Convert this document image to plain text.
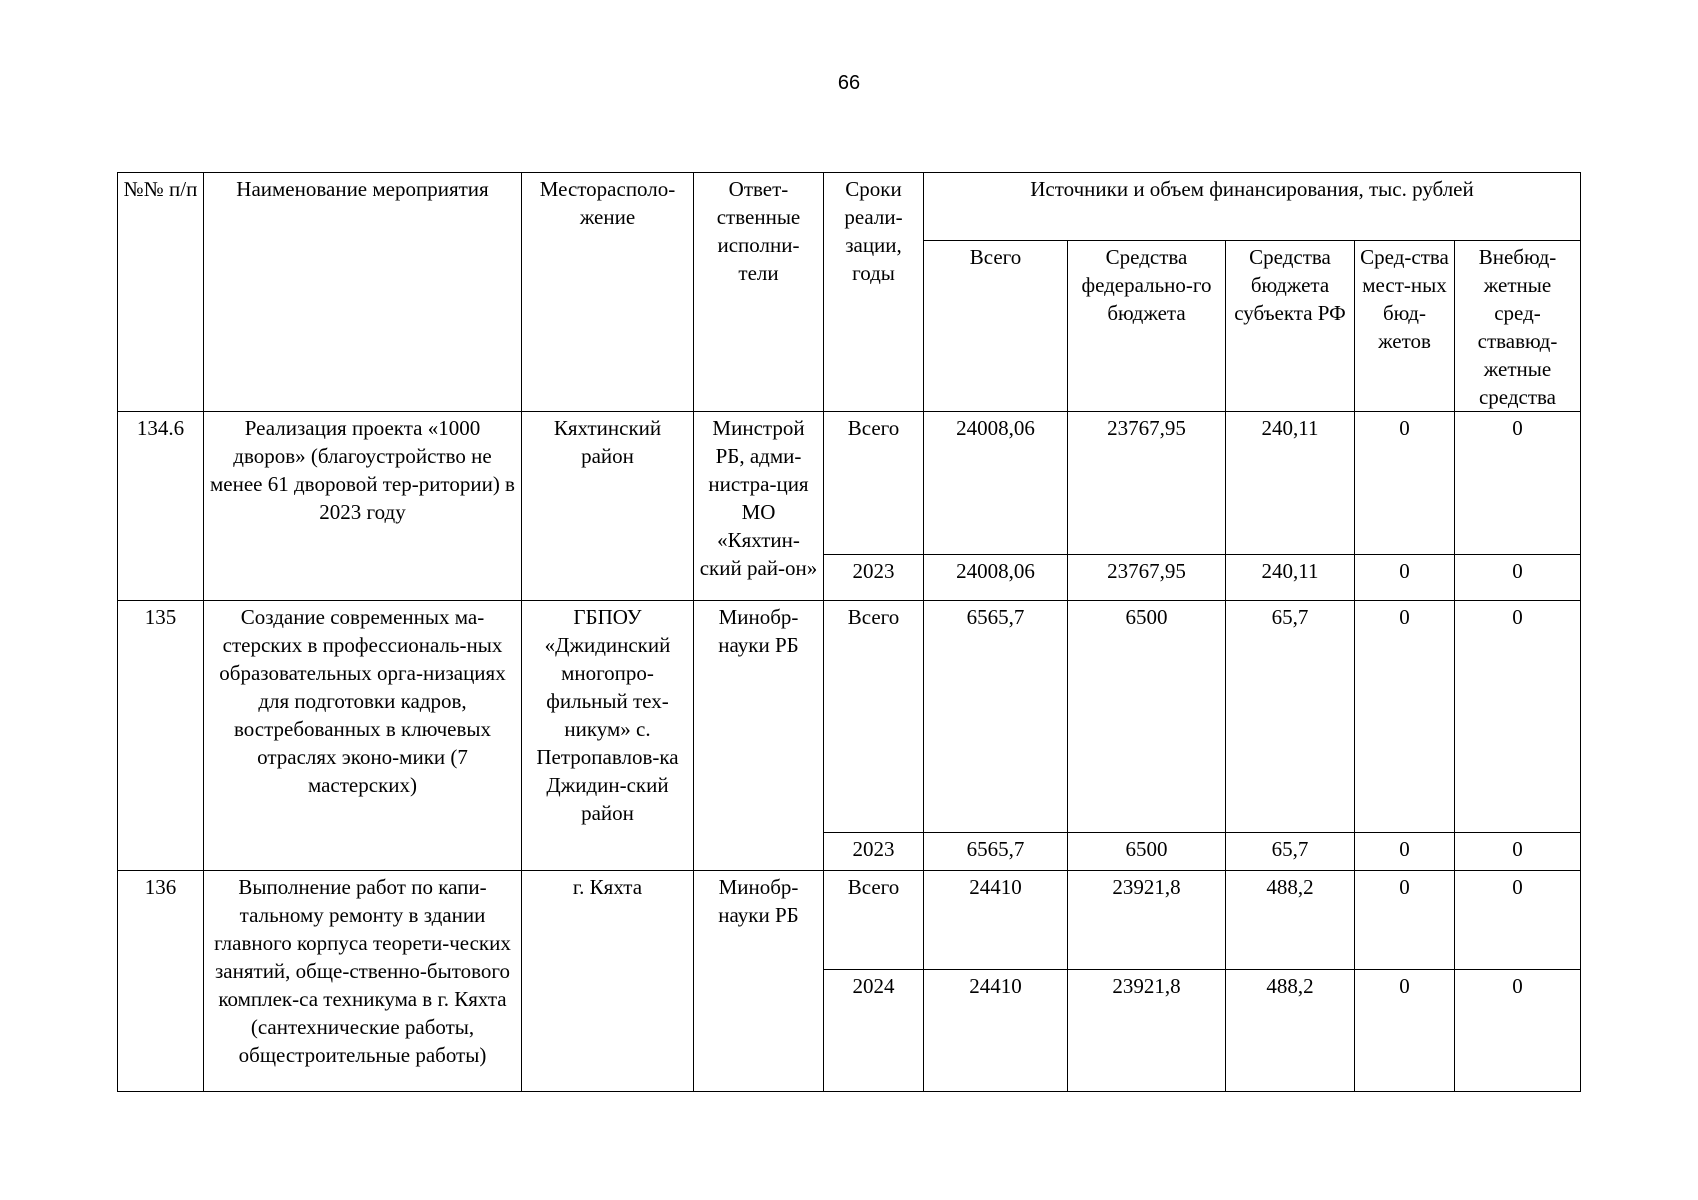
66
№№ п/п	Наименование мероприятия	Месторасполо-жение	Ответ-ственные исполни-тели	Сроки реали-зации, годы	Источники и объем финансирования, тыс. рублей				

					Всего	Средства федерально-го бюджета	Средства бюджета субъекта РФ	Сред-ства мест-ных бюд-жетов	Внебюд-жетные сред-ствавюд-жетные средства

134.6	Реализация проекта «1000 дворов» (благоустройство не менее 61 дворовой тер-ритории) в 2023 году	Кяхтинский район	Минстрой РБ, адми-нистра-ция МО «Кяхтин-ский рай-он»	Всего	24008,06	23767,95	240,11	0	0
				2023	24008,06	23767,95	240,11	0	0
135	Создание современных ма-стерских в профессиональ-ных образовательных орга-низациях для подготовки кадров, востребованных в ключевых отраслях эконо-мики (7 мастерских)	ГБПОУ «Джидинский многопро-фильный тех-никум» с. Петропавлов-ка Джидин-ский район	Минобр-науки РБ	Всего	6565,7	6500	65,7	0	0
				2023	6565,7	6500	65,7	0	0
136	Выполнение работ по капи-тальному ремонту в здании главного корпуса теорети-ческих занятий, обще-ственно-бытового комплек-са техникума в г. Кяхта (сантехнические работы, общестроительные работы)	г. Кяхта	Минобр-науки РБ	Всего	24410	23921,8	488,2	0	0
				2024	24410	23921,8	488,2	0	0
